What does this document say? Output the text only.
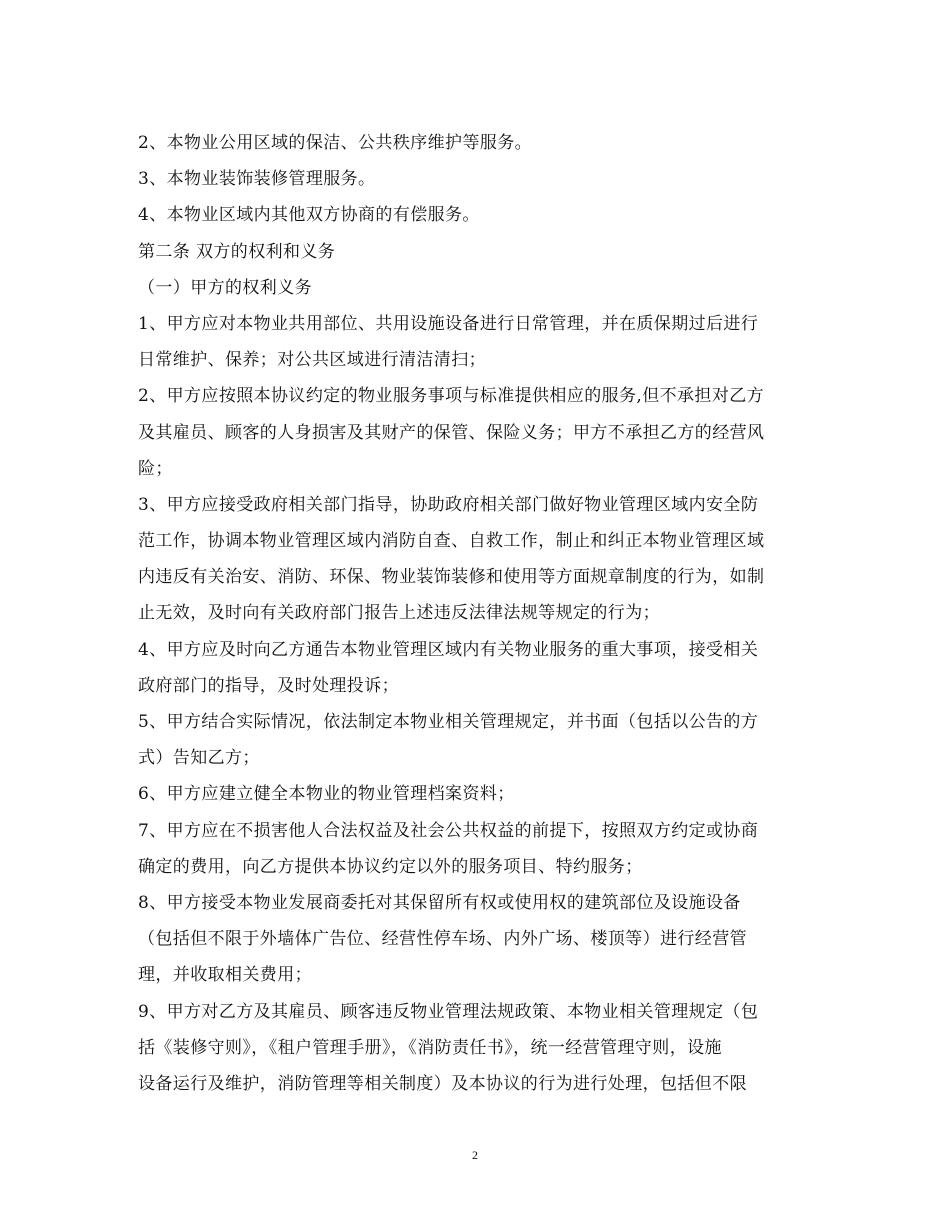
2、本物业公用区域的保洁、公共秩序维护等服务。
3、本物业装饰装修管理服务。
4、本物业区域内其他双方协商的有偿服务。
第二条 双方的权利和义务
（一）甲方的权利义务
1、甲方应对本物业共用部位、共用设施设备进行日常管理，并在质保期过后进行
日常维护、保养；对公共区域进行清洁清扫；
2、甲方应按照本协议约定的物业服务事项与标准提供相应的服务,但不承担对乙方
及其雇员、顾客的人身损害及其财产的保管、保险义务；甲方不承担乙方的经营风
险；
3、甲方应接受政府相关部门指导，协助政府相关部门做好物业管理区域内安全防
范工作，协调本物业管理区域内消防自查、自救工作，制止和纠正本物业管理区域
内违反有关治安、消防、环保、物业装饰装修和使用等方面规章制度的行为，如制
止无效，及时向有关政府部门报告上述违反法律法规等规定的行为；
4、甲方应及时向乙方通告本物业管理区域内有关物业服务的重大事项，接受相关
政府部门的指导，及时处理投诉；
5、甲方结合实际情况，依法制定本物业相关管理规定，并书面（包括以公告的方
式）告知乙方；
6、甲方应建立健全本物业的物业管理档案资料；
7、甲方应在不损害他人合法权益及社会公共权益的前提下，按照双方约定或协商
确定的费用，向乙方提供本协议约定以外的服务项目、特约服务；
8、甲方接受本物业发展商委托对其保留所有权或使用权的建筑部位及设施设备
（包括但不限于外墙体广告位、经营性停车场、内外广场、楼顶等）进行经营管
理，并收取相关费用；
9、甲方对乙方及其雇员、顾客违反物业管理法规政策、本物业相关管理规定（包
括《装修守则》，《租户管理手册》，《消防责任书》，统一经营管理守则，设施
设备运行及维护，消防管理等相关制度）及本协议的行为进行处理，包括但不限
2
